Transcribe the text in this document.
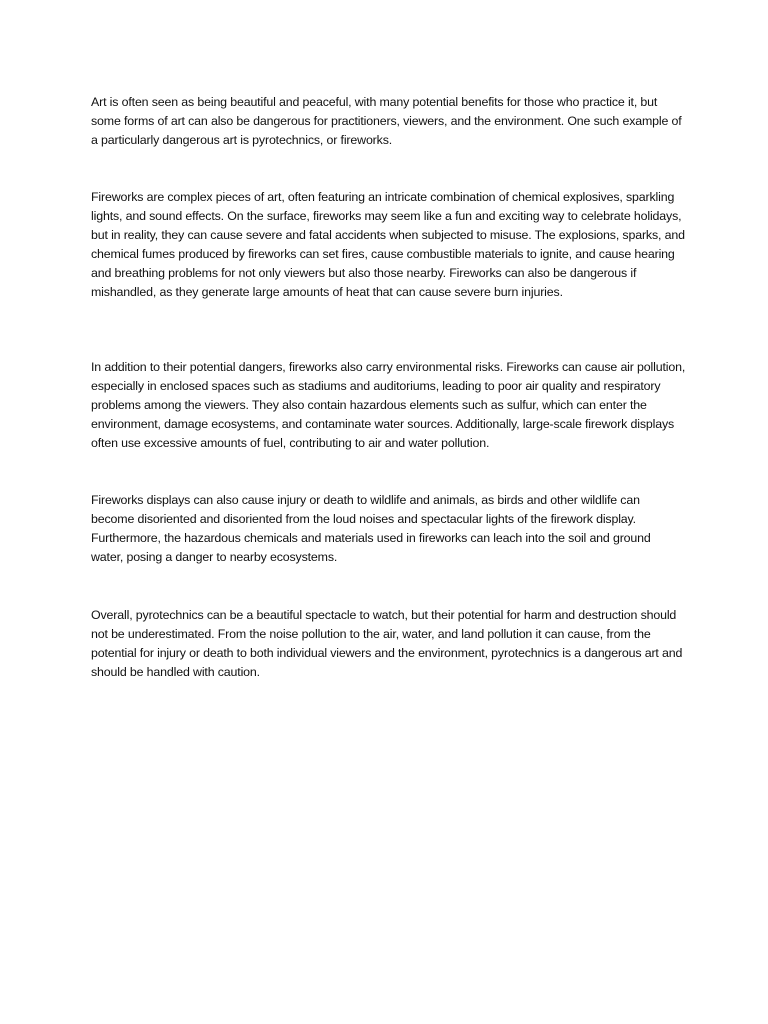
Art is often seen as being beautiful and peaceful, with many potential benefits for those who practice it, but some forms of art can also be dangerous for practitioners, viewers, and the environment. One such example of a particularly dangerous art is pyrotechnics, or fireworks.

Fireworks are complex pieces of art, often featuring an intricate combination of chemical explosives, sparkling lights, and sound effects. On the surface, fireworks may seem like a fun and exciting way to celebrate holidays, but in reality, they can cause severe and fatal accidents when subjected to misuse. The explosions, sparks, and chemical fumes produced by fireworks can set fires, cause combustible materials to ignite, and cause hearing and breathing problems for not only viewers but also those nearby. Fireworks can also be dangerous if mishandled, as they generate large amounts of heat that can cause severe burn injuries.

In addition to their potential dangers, fireworks also carry environmental risks. Fireworks can cause air pollution, especially in enclosed spaces such as stadiums and auditoriums, leading to poor air quality and respiratory problems among the viewers. They also contain hazardous elements such as sulfur, which can enter the environment, damage ecosystems, and contaminate water sources. Additionally, large-scale firework displays often use excessive amounts of fuel, contributing to air and water pollution.

Fireworks displays can also cause injury or death to wildlife and animals, as birds and other wildlife can become disoriented and disoriented from the loud noises and spectacular lights of the firework display. Furthermore, the hazardous chemicals and materials used in fireworks can leach into the soil and ground water, posing a danger to nearby ecosystems.

Overall, pyrotechnics can be a beautiful spectacle to watch, but their potential for harm and destruction should not be underestimated. From the noise pollution to the air, water, and land pollution it can cause, from the potential for injury or death to both individual viewers and the environment, pyrotechnics is a dangerous art and should be handled with caution.
